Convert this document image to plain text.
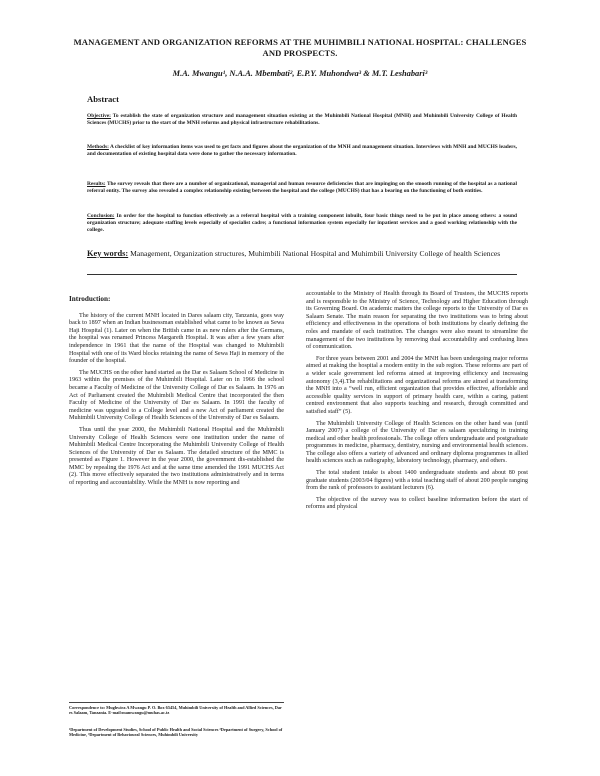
MANAGEMENT AND ORGANIZATION REFORMS AT THE MUHIMBILI NATIONAL HOSPITAL: CHALLENGES AND PROSPECTS.
M.A. Mwangu¹, N.A.A. Mbembati², E.P.Y. Muhondwa³ & M.T. Leshabari³
Abstract
Objective: To establish the state of organization structure and management situation existing at the Muhimbili National Hospital (MNH) and Muhimbili University College of Health Sciences (MUCHS) prior to the start of the MNH reforms and physical infrastructure rehabilitations.
Methods: A checklist of key information items was used to get facts and figures about the organization of the MNH and management situation. Interviews with MNH and MUCHS leaders, and documentation of existing hospital data were done to gather the necessary information.
Results: The survey reveals that there are a number of organizational, managerial and human resource deficiencies that are impinging on the smooth running of the hospital as a national referral entity. The survey also revealed a complex relationship existing between the hospital and the college (MUCHS) that has a bearing on the functioning of both entities.
Conclusion: In order for the hospital to function effectively as a referral hospital with a training component inbuilt, four basic things need to be put in place among others: a sound organization structure; adequate staffing levels especially of specialist cadre; a functional information system especially for inpatient services and a good working relationship with the college.
Key words: Management, Organization structures, Muhimbili National Hospital and Muhimbili University College of health Sciences
Introduction:

The history of the current MNH located in Dares salaam city, Tanzania, goes way back to 1897 when an Indian businessman established what came to be known as Sewa Haji Hospital (1). Later on when the British came in as new rulers after the Germans, the hospital was renamed Princess Margareth Hospital. It was after a few years after independence in 1961 that the name of the Hospital was changed to Muhimbili Hospital with one of its Ward blocks retaining the name of Sewa Haji in memory of the founder of the hospital.

The MUCHS on the other hand started as the Dar es Salaam School of Medicine in 1963 within the premises of the Muhimbili Hospital. Later on in 1966 the school became a Faculty of Medicine of the University College of Dar es Salaam. In 1976 an Act of Parliament created the Muhimbili Medical Centre that incorporated the then Faculty of Medicine of the University of Dar es Salaam. In 1991 the faculty of medicine was upgraded to a College level and a new Act of parliament created the Muhimbili University College of Health Sciences of the University of Dar es Salaam.

Thus until the year 2000, the Muhimbili National Hospital and the Muhimbili University College of Health Sciences were one institution under the name of Muhimbili Medical Centre Incorporating the Muhimbili University College of Health Sciences of the University of Dar es Salaam. The detailed structure of the MMC is presented as Figure 1. However in the year 2000, the government dis-established the MMC by repealing the 1976 Act and at the same time amended the 1991 MUCHS Act (2). This move effectively separated the two institutions administratively and in terms of reporting and accountability. While the MNH is now reporting and

accountable to the Ministry of Health through its Board of Trustees, the MUCHS reports and is responsible to the Ministry of Science, Technology and Higher Education through its Governing Board. On academic matters the college reports to the University of Dar es Salaam Senate. The main reason for separating the two institutions was to bring about efficiency and effectiveness in the operations of both institutions by clearly defining the roles and mandate of each institution. The changes were also meant to streamline the management of the two institutions by removing dual accountability and confusing lines of communication.

For three years between 2001 and 2004 the MNH has been undergoing major reforms aimed at making the hospital a modern entity in the sub region. These reforms are part of a wider scale government led reforms aimed at improving efficiency and increasing autonomy (3,4).The rehabilitations and organizational reforms are aimed at transforming the MNH into a “well run, efficient organization that provides effective, affordable and accessible quality services in support of primary health care, within a caring, patient centred environment that also supports teaching and research, through committed and satisfied staff” (5).

The Muhimbili University College of Health Sciences on the other hand was (until January 2007) a college of the University of Dar es salaam specializing in training medical and other health professionals. The college offers undergraduate and postgraduate programmes in medicine, pharmacy, dentistry, nursing and environmental health sciences. The college also offers a variety of advanced and ordinary diploma programmes in allied health sciences such as radiography, laboratory technology, pharmacy, and others.

The total student intake is about 1400 undergraduate students and about 80 post graduate students (2003/04 figures) with a total teaching staff of about 200 people ranging from the rank of professors to assistant lecturers (6).

The objective of the survey was to collect baseline information before the start of reforms and physical

Correspondence to: Mughwira A Mwangu P. O. Box 65454, Muhimbili University of Health and Allied Sciences, Dar es Salaam, Tanzania. E-mail:mamwangu@muhas.ac.tz
¹Department of Development Studies, School of Public Health and Social Sciences ²Department of Surgery, School of Medicine, ³Department of Behavioural Sciences, Muhimbili University
